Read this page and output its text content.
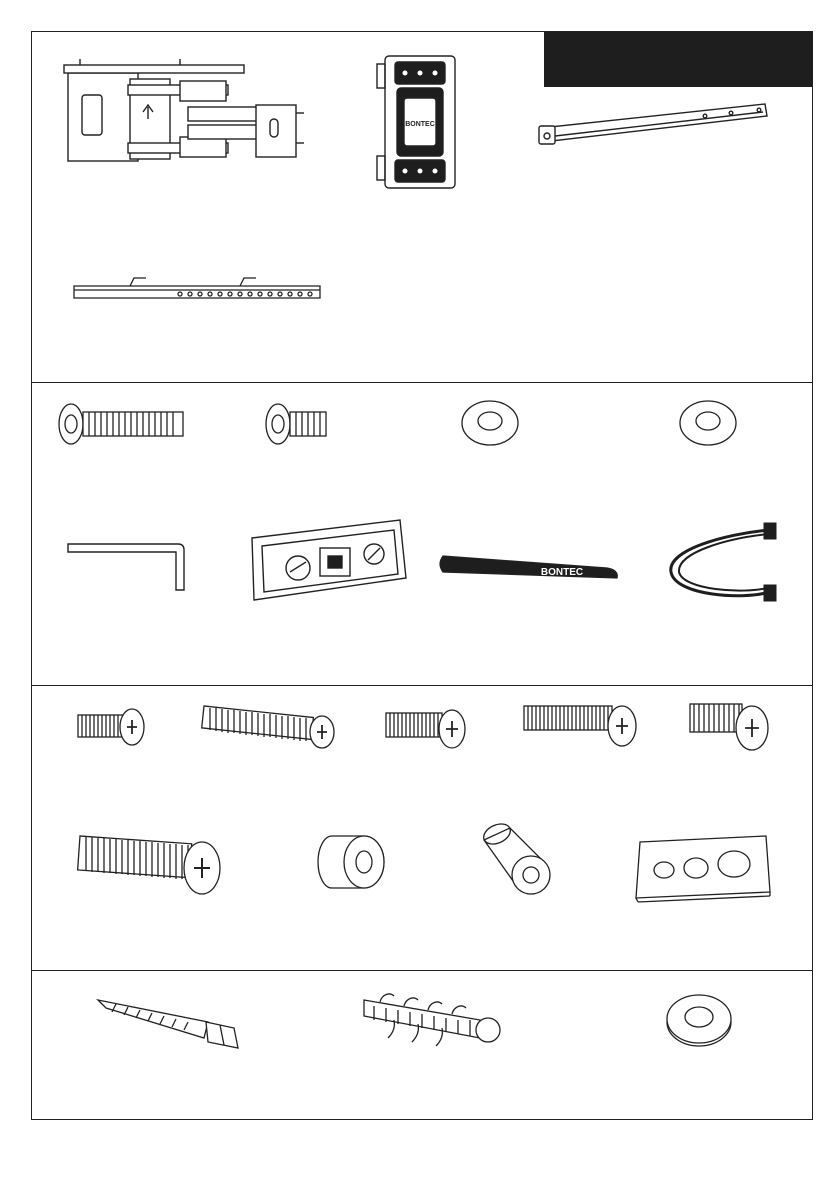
BONTEC
BONTEC
